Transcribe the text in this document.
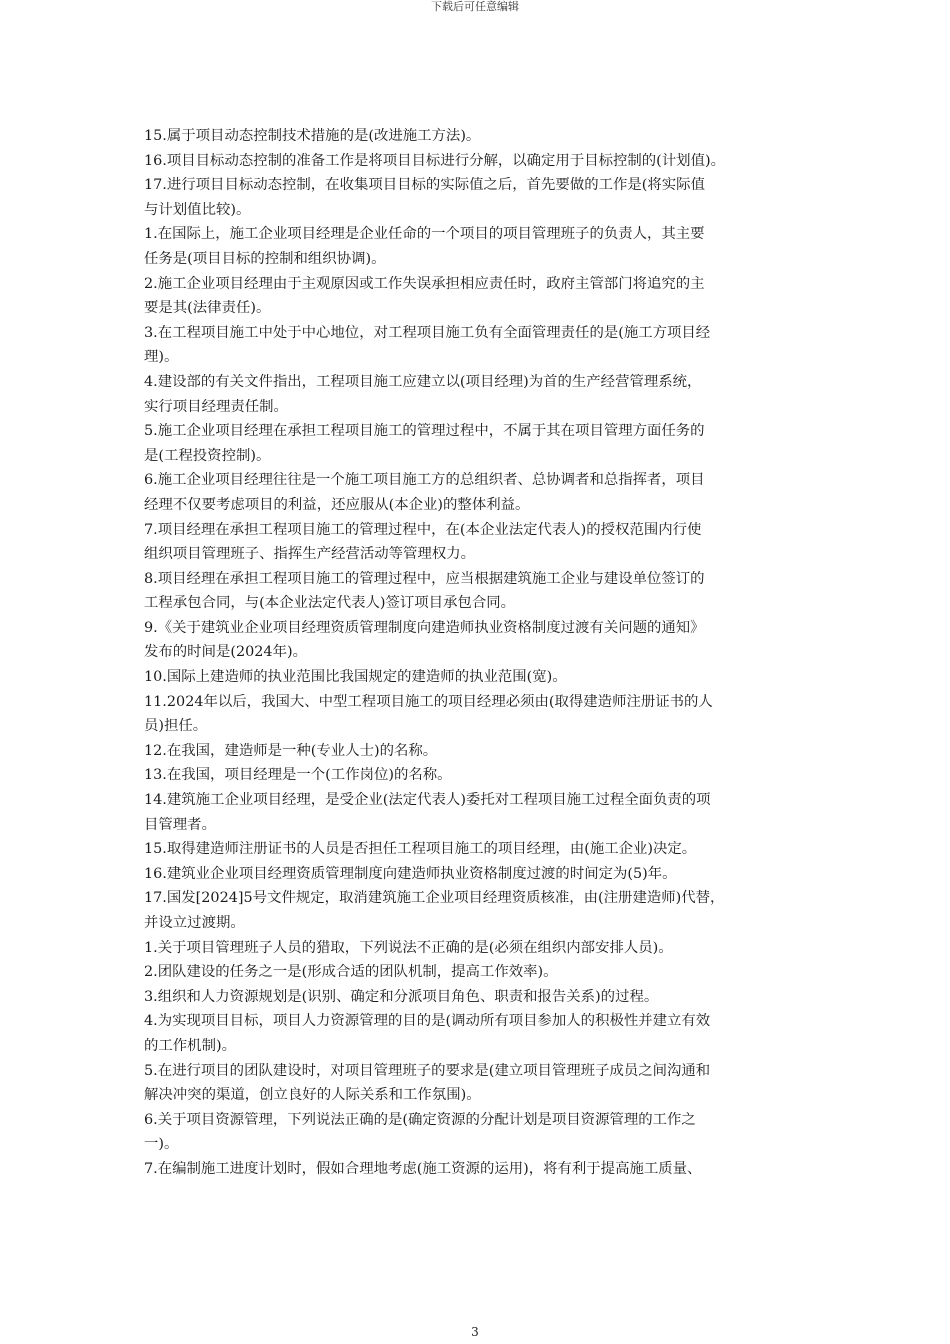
下载后可任意编辑

15.属于项目动态控制技术措施的是(改进施工方法)。

16.项目目标动态控制的准备工作是将项目目标进行分解，以确定用于目标控制的(计划值)。

17.进行项目目标动态控制，在收集项目目标的实际值之后，首先要做的工作是(将实际值

与计划值比较)。

1.在国际上，施工企业项目经理是企业任命的一个项目的项目管理班子的负责人，其主要

任务是(项目目标的控制和组织协调)。

2.施工企业项目经理由于主观原因或工作失误承担相应责任时，政府主管部门将追究的主

要是其(法律责任)。

3.在工程项目施工中处于中心地位，对工程项目施工负有全面管理责任的是(施工方项目经

理)。

4.建设部的有关文件指出，工程项目施工应建立以(项目经理)为首的生产经营管理系统，

实行项目经理责任制。

5.施工企业项目经理在承担工程项目施工的管理过程中，不属于其在项目管理方面任务的

是(工程投资控制)。

6.施工企业项目经理往往是一个施工项目施工方的总组织者、总协调者和总指挥者，项目

经理不仅要考虑项目的利益，还应服从(本企业)的整体利益。

7.项目经理在承担工程项目施工的管理过程中，在(本企业法定代表人)的授权范围内行使

组织项目管理班子、指挥生产经营活动等管理权力。

8.项目经理在承担工程项目施工的管理过程中，应当根据建筑施工企业与建设单位签订的

工程承包合同，与(本企业法定代表人)签订项目承包合同。

9.《关于建筑业企业项目经理资质管理制度向建造师执业资格制度过渡有关问题的通知》

发布的时间是(2024年)。

10.国际上建造师的执业范围比我国规定的建造师的执业范围(宽)。

11.2024年以后，我国大、中型工程项目施工的项目经理必须由(取得建造师注册证书的人

员)担任。

12.在我国，建造师是一种(专业人士)的名称。

13.在我国，项目经理是一个(工作岗位)的名称。

14.建筑施工企业项目经理，是受企业(法定代表人)委托对工程项目施工过程全面负责的项

目管理者。

15.取得建造师注册证书的人员是否担任工程项目施工的项目经理，由(施工企业)决定。

16.建筑业企业项目经理资质管理制度向建造师执业资格制度过渡的时间定为(5)年。

17.国发[2024]5号文件规定，取消建筑施工企业项目经理资质核准，由(注册建造师)代替，

并设立过渡期。

1.关于项目管理班子人员的猎取，下列说法不正确的是(必须在组织内部安排人员)。

2.团队建设的任务之一是(形成合适的团队机制，提高工作效率)。

3.组织和人力资源规划是(识别、确定和分派项目角色、职责和报告关系)的过程。

4.为实现项目目标，项目人力资源管理的目的是(调动所有项目参加人的积极性并建立有效

的工作机制)。

5.在进行项目的团队建设时，对项目管理班子的要求是(建立项目管理班子成员之间沟通和

解决冲突的渠道，创立良好的人际关系和工作氛围)。

6.关于项目资源管理，下列说法正确的是(确定资源的分配计划是项目资源管理的工作之

一)。

7.在编制施工进度计划时，假如合理地考虑(施工资源的运用)，将有利于提高施工质量、

3
